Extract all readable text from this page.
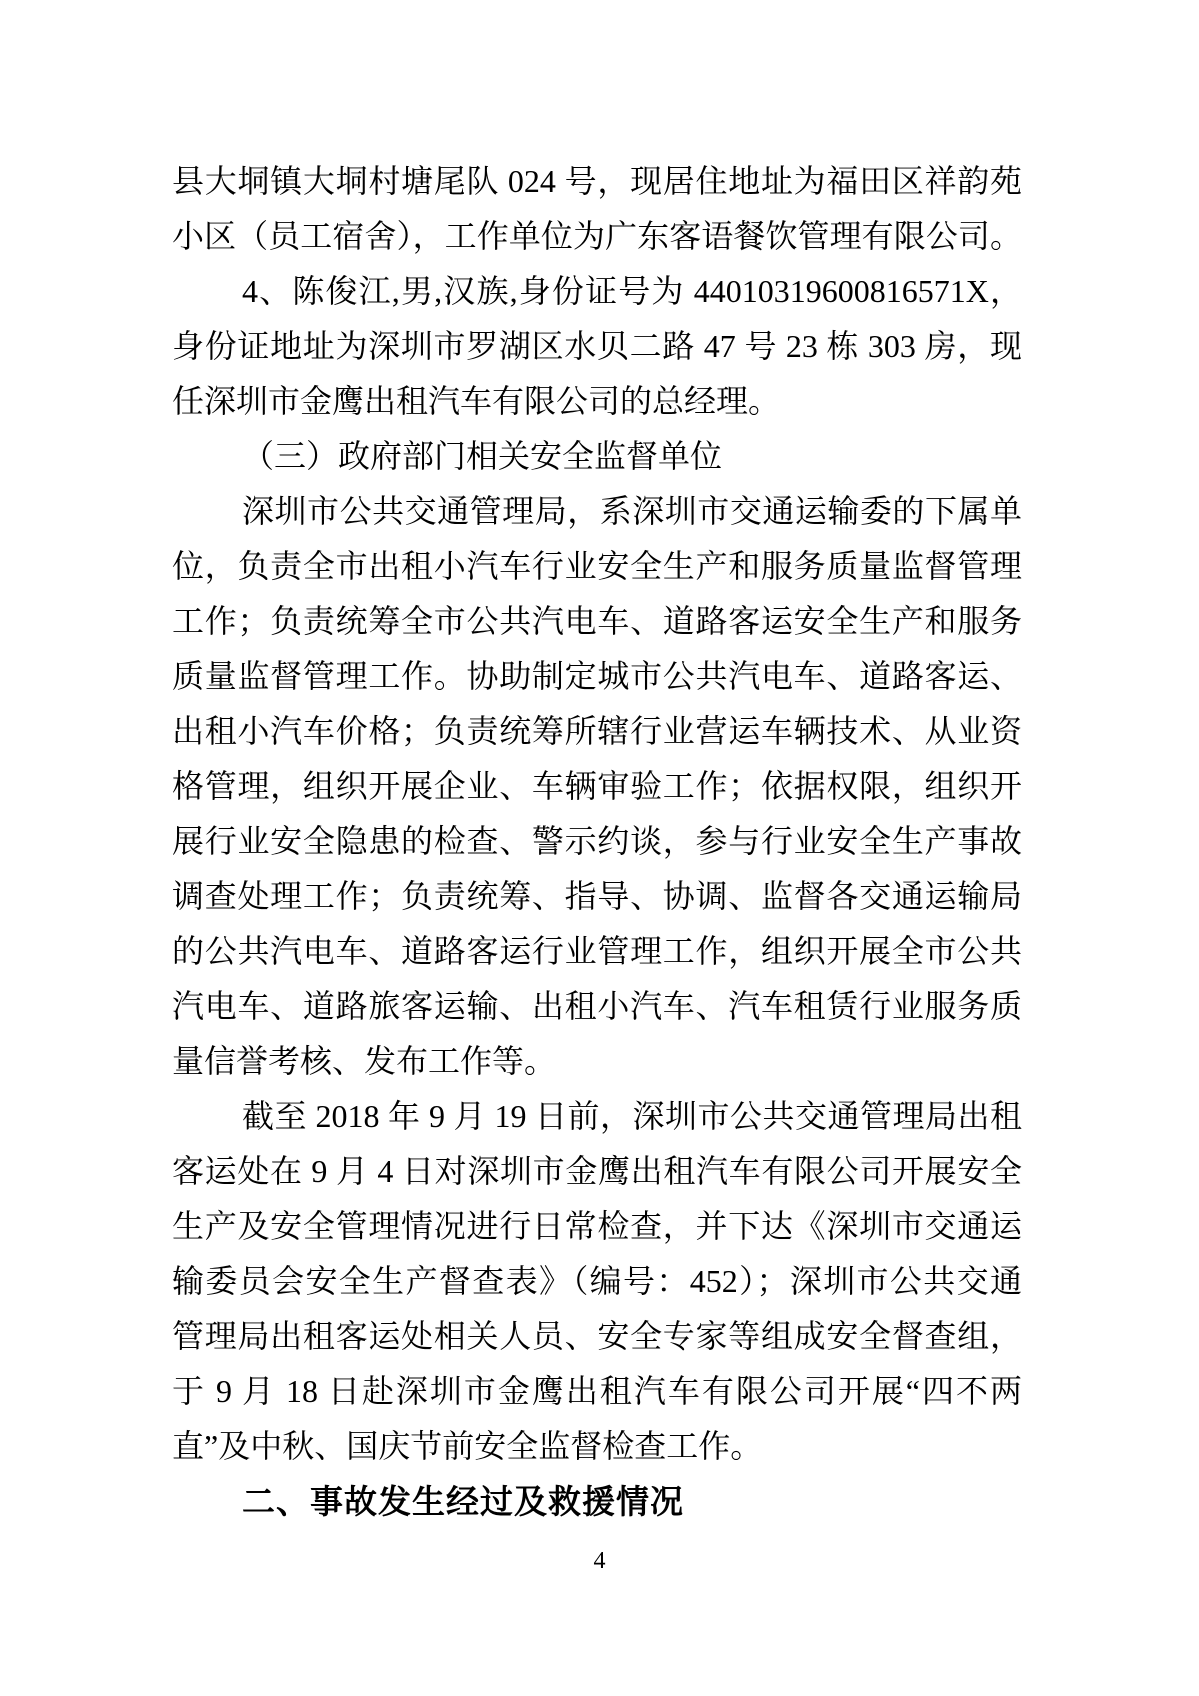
县大垌镇大垌村塘尾队 024 号，现居住地址为福田区祥韵苑
小区（员工宿舍），工作单位为广东客语餐饮管理有限公司。
4、陈俊江,男,汉族,身份证号为 44010319600816571X，
身份证地址为深圳市罗湖区水贝二路 47 号 23 栋 303 房，现
任深圳市金鹰出租汽车有限公司的总经理。
（三）政府部门相关安全监督单位
深圳市公共交通管理局，系深圳市交通运输委的下属单
位，负责全市出租小汽车行业安全生产和服务质量监督管理
工作；负责统筹全市公共汽电车、道路客运安全生产和服务
质量监督管理工作。协助制定城市公共汽电车、道路客运、
出租小汽车价格；负责统筹所辖行业营运车辆技术、从业资
格管理，组织开展企业、车辆审验工作；依据权限，组织开
展行业安全隐患的检查、警示约谈，参与行业安全生产事故
调查处理工作；负责统筹、指导、协调、监督各交通运输局
的公共汽电车、道路客运行业管理工作，组织开展全市公共
汽电车、道路旅客运输、出租小汽车、汽车租赁行业服务质
量信誉考核、发布工作等。
截至 2018 年 9 月 19 日前，深圳市公共交通管理局出租
客运处在 9 月 4 日对深圳市金鹰出租汽车有限公司开展安全
生产及安全管理情况进行日常检查，并下达《深圳市交通运
输委员会安全生产督查表》（编号：452）；深圳市公共交通
管理局出租客运处相关人员、安全专家等组成安全督查组，
于 9 月 18 日赴深圳市金鹰出租汽车有限公司开展“四不两
直”及中秋、国庆节前安全监督检查工作。
二、事故发生经过及救援情况
4
